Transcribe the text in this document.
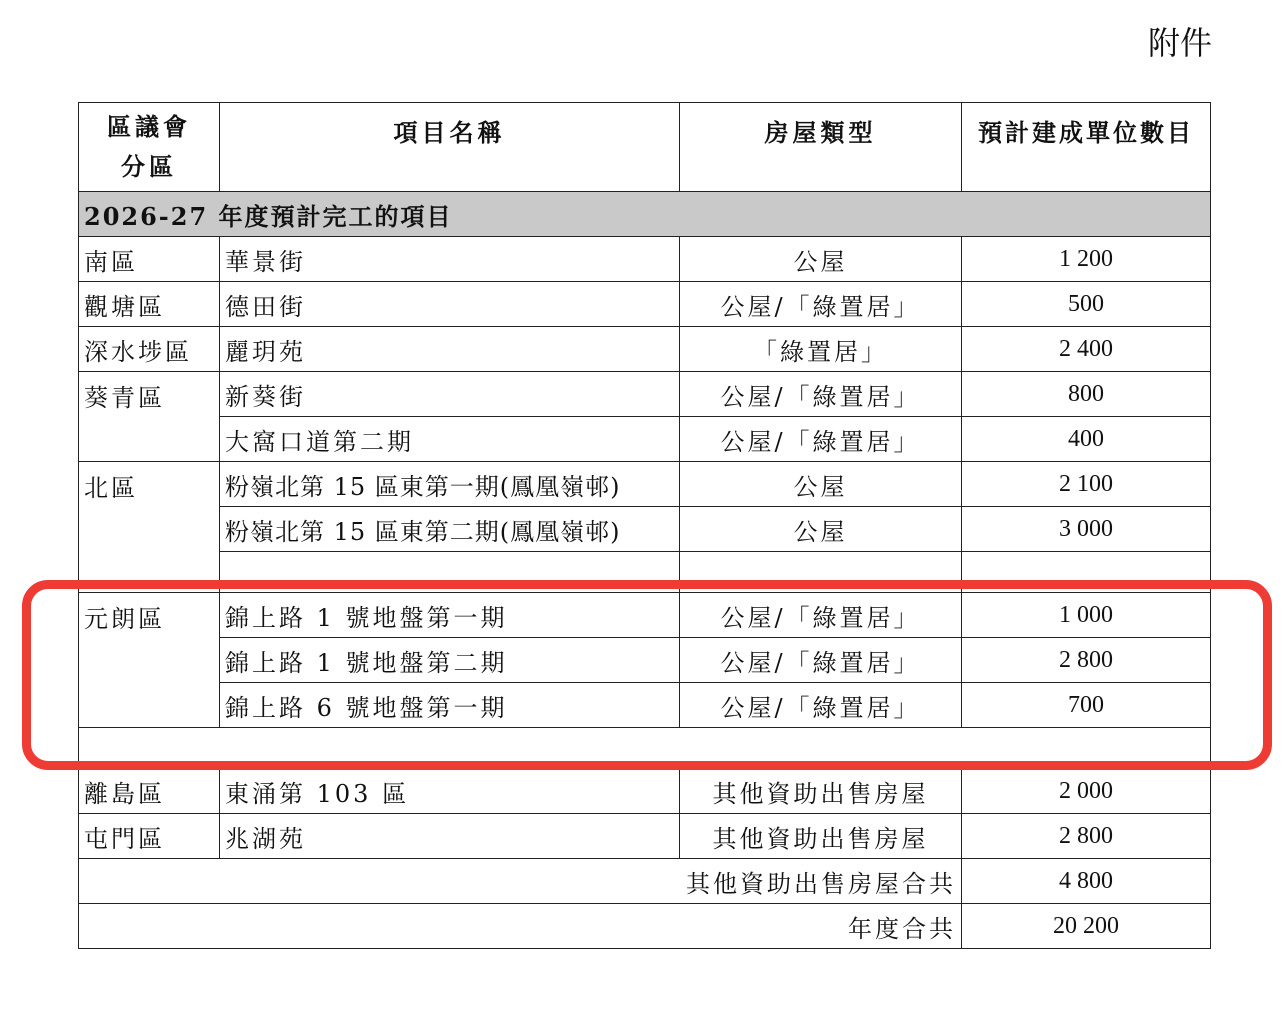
附件
區議會
分區	項目名稱	房屋類型	預計建成單位數目
2026-27 年度預計完工的項目			
南區	華景街	公屋	1 200
觀塘區	德田街	公屋/「綠置居」	500
深水埗區	麗玥苑	「綠置居」	2 400
葵青區	新葵街	公屋/「綠置居」	800
	大窩口道第二期	公屋/「綠置居」	400
北區	粉嶺北第 15 區東第一期(鳳凰嶺邨)	公屋	2 100
	粉嶺北第 15 區東第二期(鳳凰嶺邨)	公屋	3 000

元朗區	錦上路 1 號地盤第一期	公屋/「綠置居」	1 000
	錦上路 1 號地盤第二期	公屋/「綠置居」	2 800
	錦上路 6 號地盤第一期	公屋/「綠置居」	700

離島區	東涌第 103 區	其他資助出售房屋	2 000
屯門區	兆湖苑	其他資助出售房屋	2 800
其他資助出售房屋合共			4 800
年度合共			20 200
